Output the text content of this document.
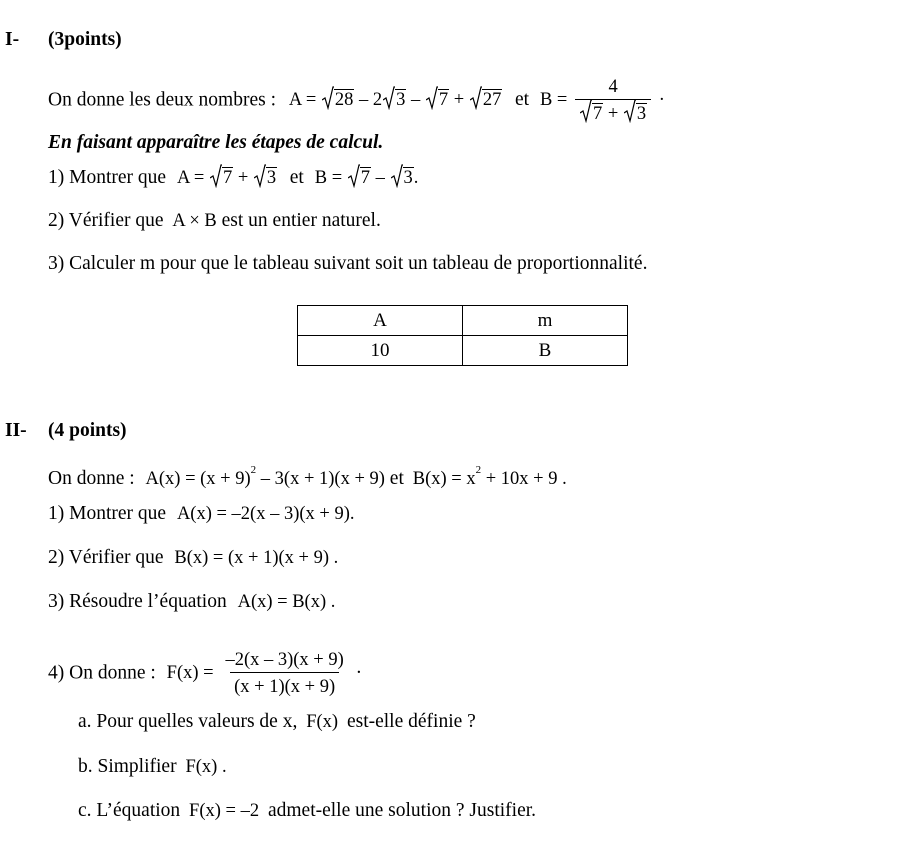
I- (3points)
On donne les deux nombres : A = 28 – 2 3 – 7 + 27 et $B = \frac{4}{7 + 3}$ ·
En faisant apparaître les étapes de calcul.
1) Montrer que A = 7 + 3 et B = 7 – 3.
2) Vérifier que A × B est un entier naturel.
3) Calculer m pour que le tableau suivant soit un tableau de proportionnalité.
A	m
10	B
II- (4 points)
On donne : $A(x) = (x + 9)^2 - 3(x + 1)(x + 9)$ et $B(x) = x^2 + 10x + 9$ .
1) Montrer que A(x) = –2(x – 3)(x + 9).
2) Vérifier que B(x) = (x + 1)(x + 9) .
3) Résoudre l’équation A(x) = B(x) .
4) On donne : $F(x) = \frac{-2(x - 3)(x + 9)}{(x + 1)(x + 9)}$ ·
a. Pour quelles valeurs de x, F(x) est-elle définie ?
b. Simplifier F(x) .
c. L’équation F(x) = –2 admet-elle une solution ? Justifier.
